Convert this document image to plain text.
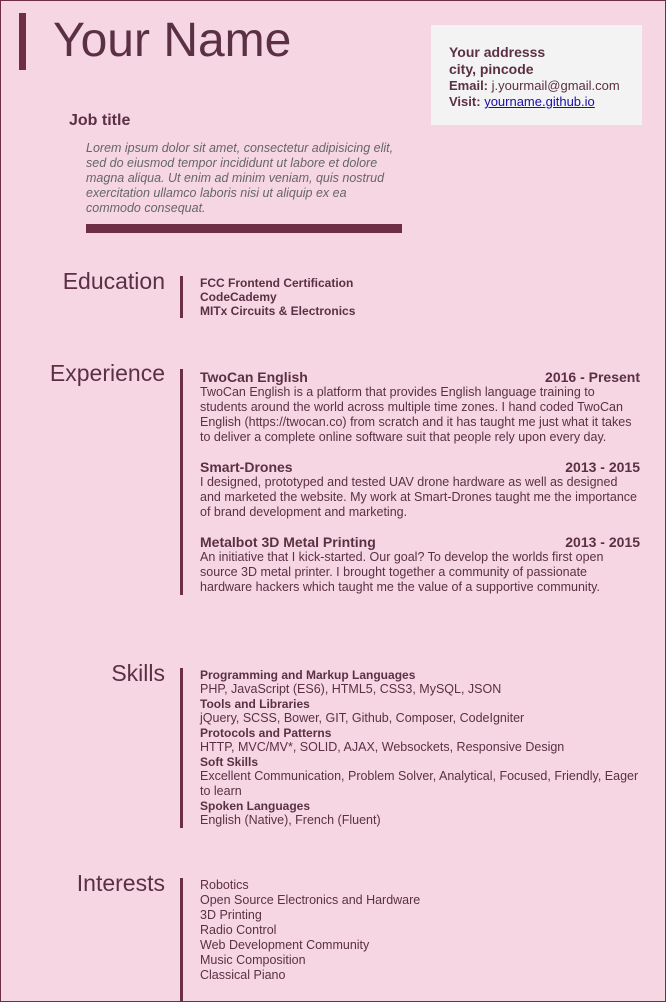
Your Name	Your addresss
city, pincode
Email: j.yourmail@gmail.com
Visit: yourname.github.io
Job title

Lorem ipsum dolor sit amet, consectetur adipisicing elit, sed do eiusmod tempor incididunt ut labore et dolore magna aliqua. Ut enim ad minim veniam, quis nostrud exercitation ullamco laboris nisi ut aliquip ex ea commodo consequat.

Education	FCC Frontend Certification
CodeCademy
MITx Circuits & Electronics
Experience	TwoCan English	2016 - Present
TwoCan English is a platform that provides English language training to students around the world across multiple time zones. I hand coded TwoCan English (https://twocan.co) from scratch and it has taught me just what it takes to deliver a complete online software suit that people rely upon every day.
Smart-Drones	2013 - 2015
I designed, prototyped and tested UAV drone hardware as well as designed and marketed the website. My work at Smart-Drones taught me the importance of brand development and marketing.
Metalbot 3D Metal Printing	2013 - 2015
An initiative that I kick-started. Our goal? To develop the worlds first open source 3D metal printer. I brought together a community of passionate hardware hackers which taught me the value of a supportive community.
Skills	Programming and Markup Languages
PHP, JavaScript (ES6), HTML5, CSS3, MySQL, JSON
Tools and Libraries
jQuery, SCSS, Bower, GIT, Github, Composer, CodeIgniter
Protocols and Patterns
HTTP, MVC/MV*, SOLID, AJAX, Websockets, Responsive Design
Soft Skills
Excellent Communication, Problem Solver, Analytical, Focused, Friendly, Eager to learn
Spoken Languages
English (Native), French (Fluent)
Interests	Robotics
Open Source Electronics and Hardware
3D Printing
Radio Control
Web Development Community
Music Composition
Classical Piano
